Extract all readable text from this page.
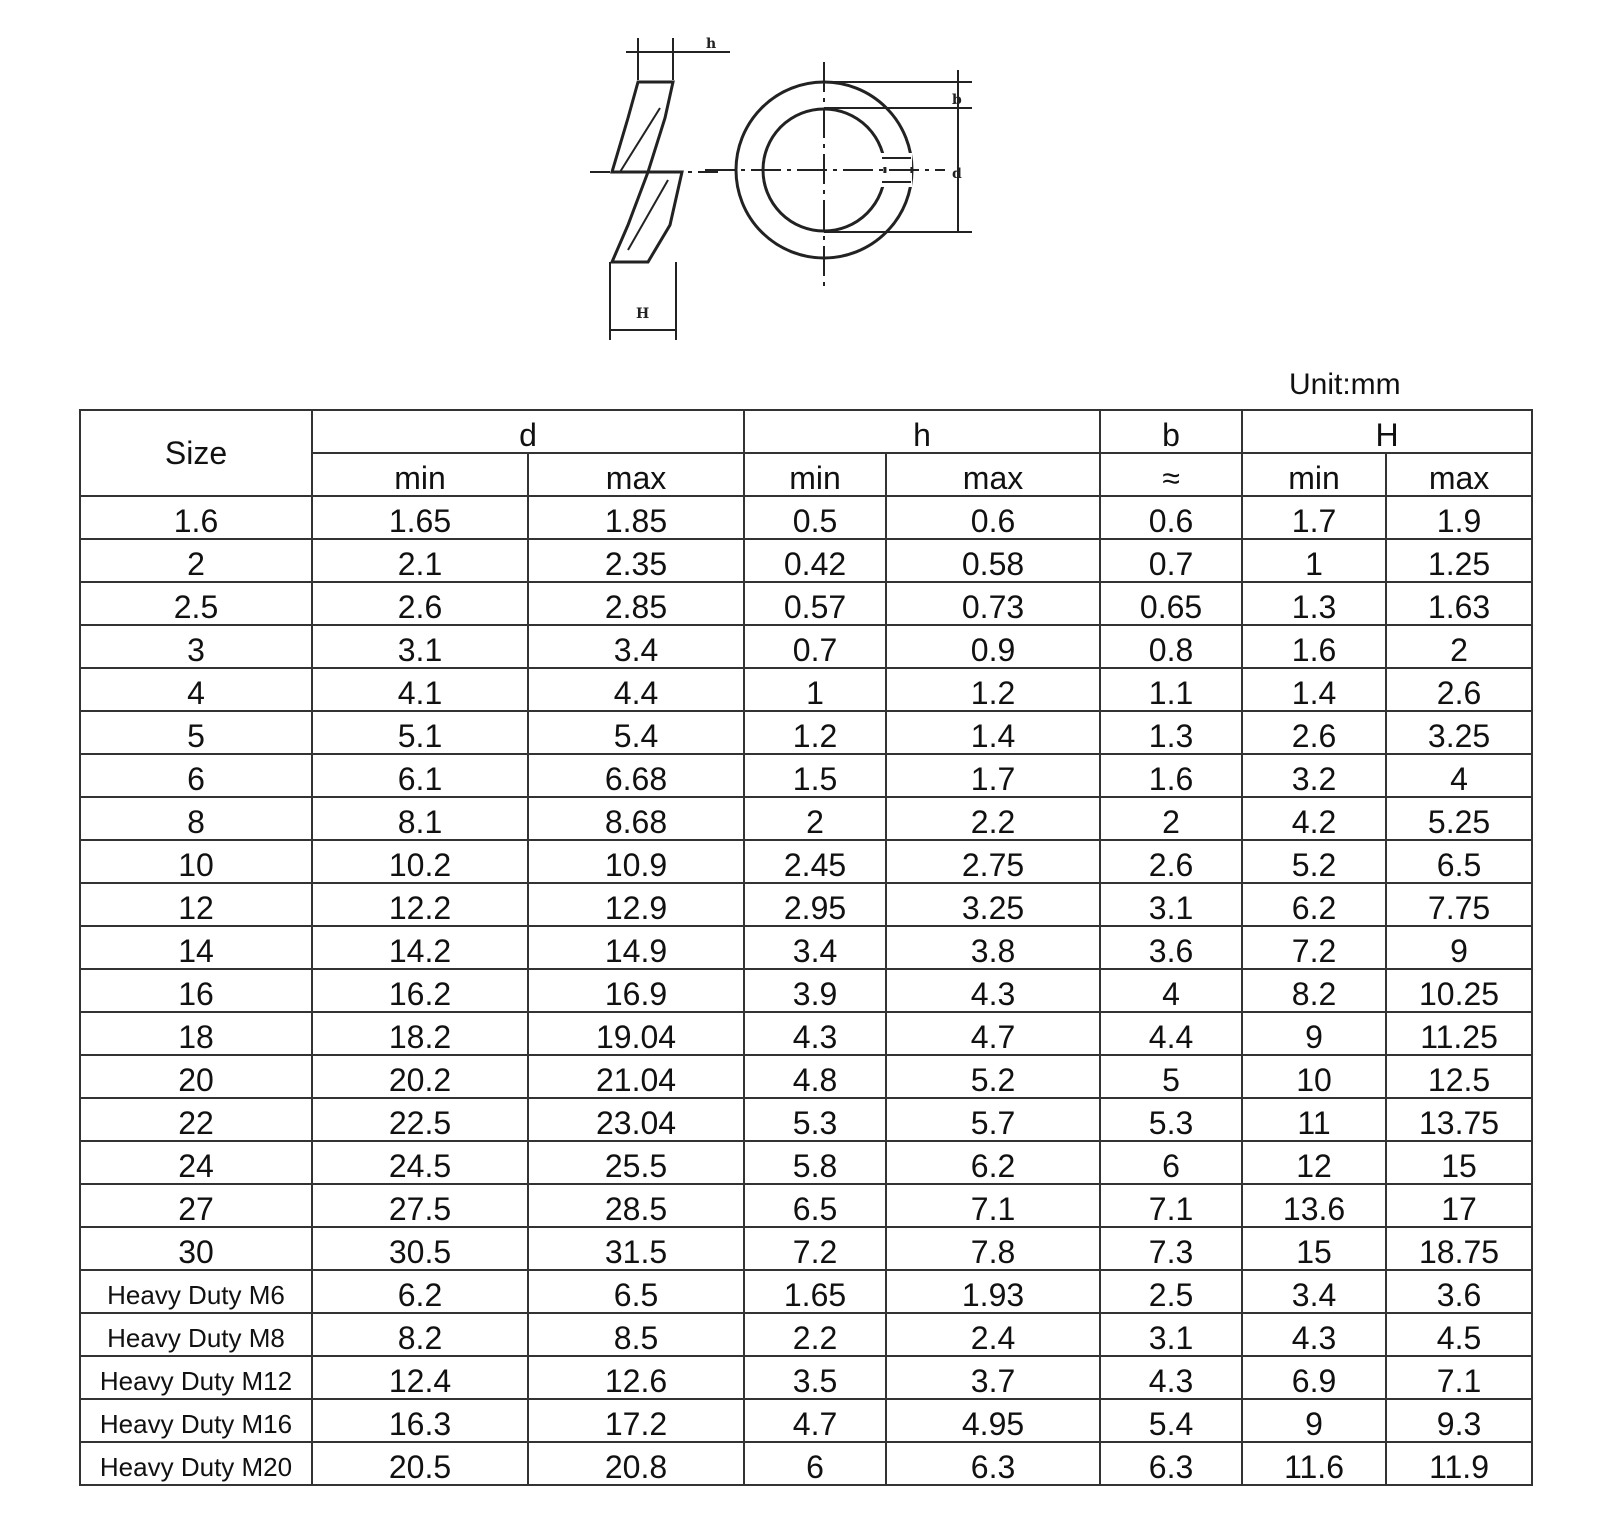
h
b
d
H
Unit:mm
Size	d		h		b	H	
	min	max	min	max	≈	min	max
1.6	1.65	1.85	0.5	0.6	0.6	1.7	1.9
2	2.1	2.35	0.42	0.58	0.7	1	1.25
2.5	2.6	2.85	0.57	0.73	0.65	1.3	1.63
3	3.1	3.4	0.7	0.9	0.8	1.6	2
4	4.1	4.4	1	1.2	1.1	1.4	2.6
5	5.1	5.4	1.2	1.4	1.3	2.6	3.25
6	6.1	6.68	1.5	1.7	1.6	3.2	4
8	8.1	8.68	2	2.2	2	4.2	5.25
10	10.2	10.9	2.45	2.75	2.6	5.2	6.5
12	12.2	12.9	2.95	3.25	3.1	6.2	7.75
14	14.2	14.9	3.4	3.8	3.6	7.2	9
16	16.2	16.9	3.9	4.3	4	8.2	10.25
18	18.2	19.04	4.3	4.7	4.4	9	11.25
20	20.2	21.04	4.8	5.2	5	10	12.5
22	22.5	23.04	5.3	5.7	5.3	11	13.75
24	24.5	25.5	5.8	6.2	6	12	15
27	27.5	28.5	6.5	7.1	7.1	13.6	17
30	30.5	31.5	7.2	7.8	7.3	15	18.75
Heavy Duty M6	6.2	6.5	1.65	1.93	2.5	3.4	3.6
Heavy Duty M8	8.2	8.5	2.2	2.4	3.1	4.3	4.5
Heavy Duty M12	12.4	12.6	3.5	3.7	4.3	6.9	7.1
Heavy Duty M16	16.3	17.2	4.7	4.95	5.4	9	9.3
Heavy Duty M20	20.5	20.8	6	6.3	6.3	11.6	11.9
